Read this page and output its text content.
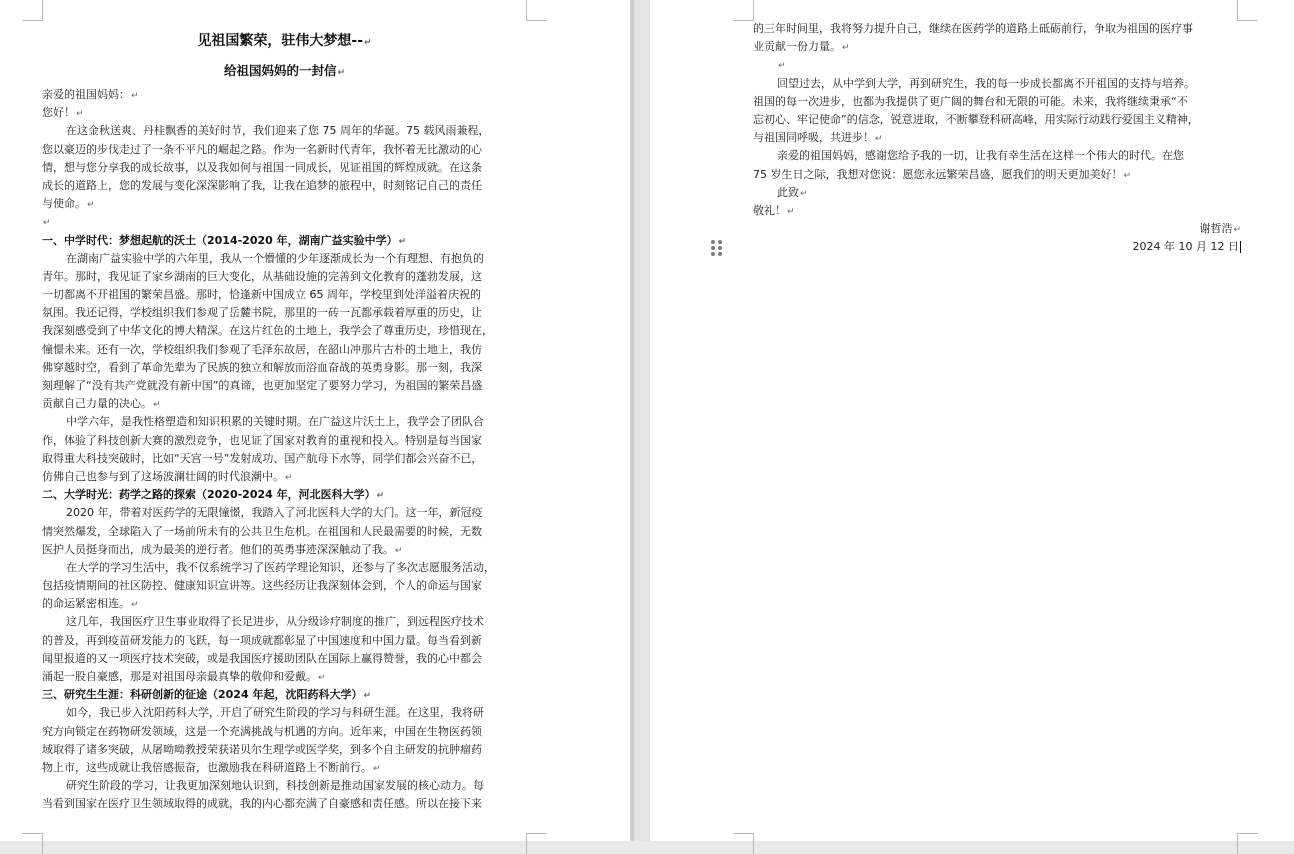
见祖国繁荣，驻伟大梦想--↵
给祖国妈妈的一封信↵
亲爱的祖国妈妈：↵
您好！↵
在这金秋送爽、丹桂飘香的美好时节，我们迎来了您 75 周年的华诞。75 载风雨兼程，
您以豪迈的步伐走过了一条不平凡的崛起之路。作为一名新时代青年，我怀着无比激动的心
情，想与您分享我的成长故事，以及我如何与祖国一同成长，见证祖国的辉煌成就。在这条
成长的道路上，您的发展与变化深深影响了我，让我在追梦的旅程中，时刻铭记自己的责任
与使命。↵
↵
一、中学时代：梦想起航的沃土（2014-2020 年，湖南广益实验中学）↵
在湖南广益实验中学的六年里，我从一个懵懂的少年逐渐成长为一个有理想、有抱负的
青年。那时，我见证了家乡湖南的巨大变化，从基础设施的完善到文化教育的蓬勃发展，这
一切都离不开祖国的繁荣昌盛。那时，恰逢新中国成立 65 周年，学校里到处洋溢着庆祝的
氛围。我还记得，学校组织我们参观了岳麓书院，那里的一砖一瓦都承载着厚重的历史，让
我深刻感受到了中华文化的博大精深。在这片红色的土地上，我学会了尊重历史，珍惜现在，
憧憬未来。还有一次，学校组织我们参观了毛泽东故居，在韶山冲那片古朴的土地上，我仿
佛穿越时空，看到了革命先辈为了民族的独立和解放而浴血奋战的英勇身影。那一刻，我深
刻理解了“没有共产党就没有新中国”的真谛，也更加坚定了要努力学习，为祖国的繁荣昌盛
贡献自己力量的决心。↵
中学六年，是我性格塑造和知识积累的关键时期。在广益这片沃土上，我学会了团队合
作，体验了科技创新大赛的激烈竞争，也见证了国家对教育的重视和投入。特别是每当国家
取得重大科技突破时，比如“天宫一号”发射成功、国产航母下水等，同学们都会兴奋不已，
仿佛自己也参与到了这场波澜壮阔的时代浪潮中。↵
二、大学时光：药学之路的探索（2020-2024 年，河北医科大学）↵
2020 年，带着对医药学的无限憧憬，我踏入了河北医科大学的大门。这一年，新冠疫
情突然爆发，全球陷入了一场前所未有的公共卫生危机。在祖国和人民最需要的时候，无数
医护人员挺身而出，成为最美的逆行者。他们的英勇事迹深深触动了我。↵
在大学的学习生活中，我不仅系统学习了医药学理论知识，还参与了多次志愿服务活动，
包括疫情期间的社区防控、健康知识宣讲等。这些经历让我深刻体会到，个人的命运与国家
的命运紧密相连。↵
这几年，我国医疗卫生事业取得了长足进步，从分级诊疗制度的推广，到远程医疗技术
的普及，再到疫苗研发能力的飞跃，每一项成就都彰显了中国速度和中国力量。每当看到新
闻里报道的又一项医疗技术突破，或是我国医疗援助团队在国际上赢得赞誉，我的心中都会
涌起一股自豪感，那是对祖国母亲最真挚的敬仰和爱戴。↵
三、研究生生涯：科研创新的征途（2024 年起，沈阳药科大学）↵
如今，我已步入沈阳药科大学，开启了研究生阶段的学习与科研生涯。在这里，我将研
究方向锁定在药物研发领域，这是一个充满挑战与机遇的方向。近年来，中国在生物医药领
域取得了诸多突破，从屠呦呦教授荣获诺贝尔生理学或医学奖，到多个自主研发的抗肿瘤药
物上市，这些成就让我倍感振奋，也激励我在科研道路上不断前行。↵
研究生阶段的学习，让我更加深刻地认识到，科技创新是推动国家发展的核心动力。每
当看到国家在医疗卫生领域取得的成就，我的内心都充满了自豪感和责任感。所以在接下来
的三年时间里，我将努力提升自己，继续在医药学的道路上砥砺前行，争取为祖国的医疗事
业贡献一份力量。↵
↵
回望过去，从中学到大学，再到研究生，我的每一步成长都离不开祖国的支持与培养。
祖国的每一次进步，也都为我提供了更广阔的舞台和无限的可能。未来，我将继续秉承“不
忘初心、牢记使命”的信念，锐意进取，不断攀登科研高峰，用实际行动践行爱国主义精神，
与祖国同呼吸，共进步！↵
亲爱的祖国妈妈，感谢您给予我的一切，让我有幸生活在这样一个伟大的时代。在您
75 岁生日之际，我想对您说：愿您永远繁荣昌盛，愿我们的明天更加美好！↵
此致↵
敬礼！↵
谢哲浩↵
2024 年 10 月 12 日
